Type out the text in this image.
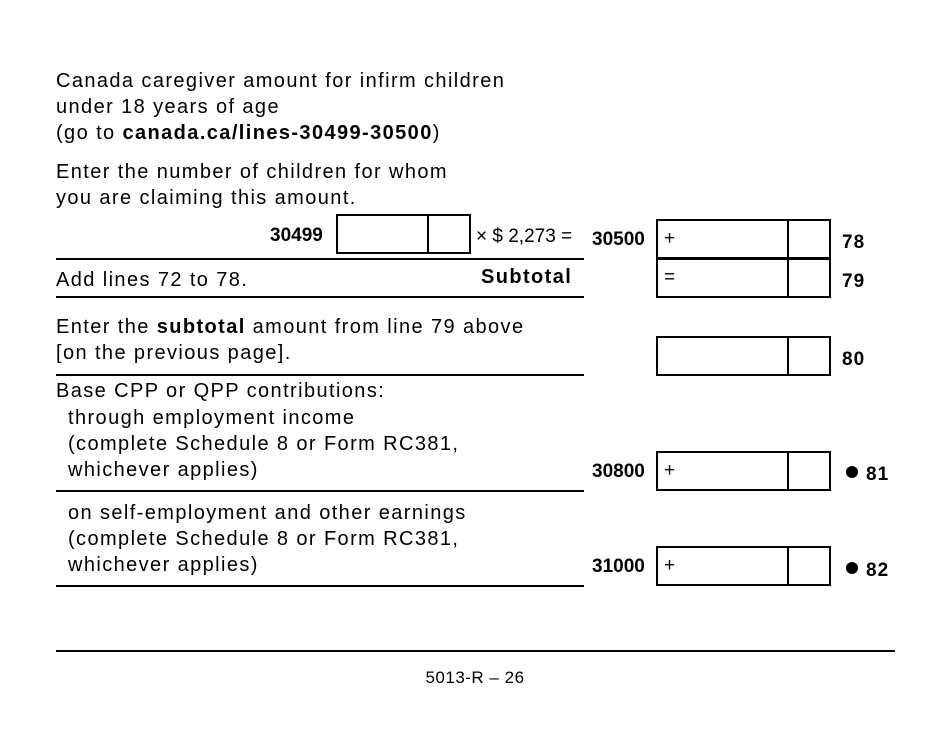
Canada caregiver amount for infirm children
under 18 years of age
(go to canada.ca/lines-30499-30500)
Enter the number of children for whom
you are claiming this amount.
30499	× $ 2,273 = 30500 +	78
Add lines 72 to 78.	Subtotal	=	79
Enter the subtotal amount from line 79 above
[on the previous page].	80
Base CPP or QPP contributions:
through employment income
(complete Schedule 8 or Form RC381,
whichever applies)	30800 +	81
on self-employment and other earnings
(complete Schedule 8 or Form RC381,
whichever applies)	31000 +	82
5013-R – 26
